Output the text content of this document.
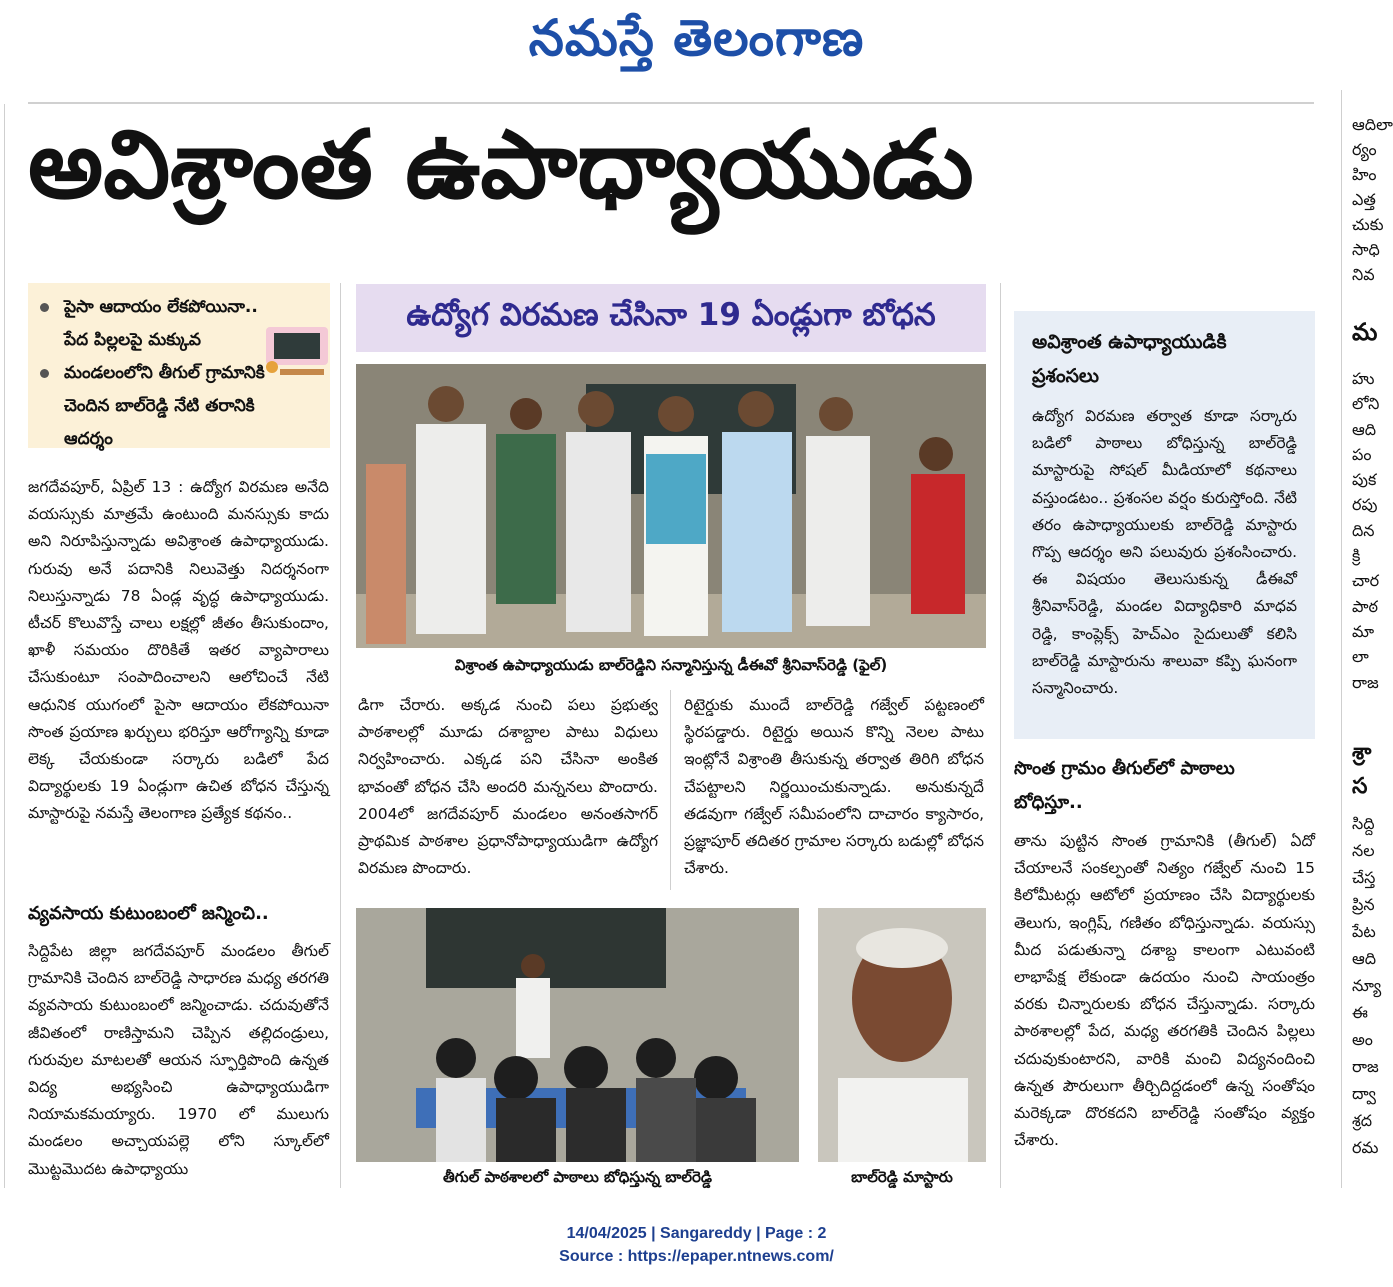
నమస్తే తెలంగాణ
అవిశ్రాంత ఉపాధ్యాయుడు
పైసా ఆదాయం లేకపోయినా.. పేద పిల్లలపై మక్కువ
మండలంలోని తీగుల్ గ్రామానికి చెందిన బాల్‌రెడ్డి నేటి తరానికి ఆదర్శం
జగదేవపూర్, ఏప్రిల్ 13 : ఉద్యోగ విరమణ అనేది వయస్సుకు మాత్రమే ఉంటుంది మనస్సుకు కాదు అని నిరూపిస్తున్నాడు అవిశ్రాంత ఉపాధ్యాయుడు. గురువు అనే పదానికి నిలువెత్తు నిదర్శనంగా నిలుస్తున్నాడు 78 ఏండ్ల వృద్ధ ఉపాధ్యాయుడు. టీచర్ కొలువొస్తే చాలు లక్షల్లో జీతం తీసుకుందాం, ఖాళీ సమయం దొరికితే ఇతర వ్యాపారాలు చేసుకుంటూ సంపాదించాలని ఆలోచించే నేటి ఆధునిక యుగంలో పైసా ఆదాయం లేకపోయినా సొంత ప్రయాణ ఖర్చులు భరిస్తూ ఆరోగ్యాన్ని కూడా లెక్క చేయకుండా సర్కారు బడిలో పేద విద్యార్థులకు 19 ఏండ్లుగా ఉచిత బోధన చేస్తున్న మాస్టారుపై నమస్తే తెలంగాణ ప్రత్యేక కథనం..
వ్యవసాయ కుటుంబంలో జన్మించి..
సిద్దిపేట జిల్లా జగదేవపూర్ మండలం తీగుల్ గ్రామానికి చెందిన బాల్‌రెడ్డి సాధారణ మధ్య తరగతి వ్యవసాయ కుటుంబంలో జన్మించాడు. చదువుతోనే జీవితంలో రాణిస్తామని చెప్పిన తల్లిదండ్రులు, గురువుల మాటలతో ఆయన స్ఫూర్తిపొంది ఉన్నత విద్య అభ్యసించి ఉపాధ్యాయుడిగా నియామకమయ్యారు. 1970 లో ములుగు మండలం అచ్చాయపల్లె లోని స్కూల్‌లో మొట్టమొదట ఉపాధ్యాయు
ఉద్యోగ విరమణ చేసినా 19 ఏండ్లుగా బోధన
విశ్రాంత ఉపాధ్యాయుడు బాల్‌రెడ్డిని సన్మానిస్తున్న డీఈవో శ్రీనివాస్‌రెడ్డి (ఫైల్)
డిగా చేరారు. అక్కడ నుంచి పలు ప్రభుత్వ పాఠశాలల్లో మూడు దశాబ్దాల పాటు విధులు నిర్వహించారు. ఎక్కడ పని చేసినా అంకిత భావంతో బోధన చేసి అందరి మన్ననలు పొందారు. 2004లో జగదేవపూర్ మండలం అనంతసాగర్ ప్రాథమిక పాఠశాల ప్రధానోపాధ్యాయుడిగా ఉద్యోగ విరమణ పొందారు.
రిటైర్డుకు ముందే బాల్‌రెడ్డి గజ్వేల్ పట్టణంలో స్థిరపడ్డారు. రిటైర్డు అయిన కొన్ని నెలల పాటు ఇంట్లోనే విశ్రాంతి తీసుకున్న తర్వాత తిరిగి బోధన చేపట్టాలని నిర్ణయించుకున్నాడు. అనుకున్నదే తడవుగా గజ్వేల్ సమీపంలోని దాచారం క్యాసారం, ప్రజ్ఞాపూర్ తదితర గ్రామాల సర్కారు బడుల్లో బోధన చేశారు.
తీగుల్ పాఠశాలలో పాఠాలు బోధిస్తున్న బాల్‌రెడ్డి	బాల్‌రెడ్డి మాస్టారు
అవిశ్రాంత ఉపాధ్యాయుడికి ప్రశంసలు
ఉద్యోగ విరమణ తర్వాత కూడా సర్కారు బడిలో పాఠాలు బోధిస్తున్న బాల్‌రెడ్డి మాస్టారుపై సోషల్ మీడియాలో కథనాలు వస్తుండటం.. ప్రశంసల వర్షం కురుస్తోంది. నేటి తరం ఉపాధ్యాయులకు బాల్‌రెడ్డి మాస్టారు గొప్ప ఆదర్శం అని పలువురు ప్రశంసించారు. ఈ విషయం తెలుసుకున్న డీఈవో శ్రీనివాస్‌రెడ్డి, మండల విద్యాధికారి మాధవ రెడ్డి, కాంప్లెక్స్ హెచ్ఎం సైదులుతో కలిసి బాల్‌రెడ్డి మాస్టారును శాలువా కప్పి ఘనంగా సన్మానించారు.
సొంత గ్రామం తీగుల్‌లో పాఠాలు బోధిస్తూ..
తాను పుట్టిన సొంత గ్రామానికి (తీగుల్) ఏదో చేయాలనే సంకల్పంతో నిత్యం గజ్వేల్ నుంచి 15 కిలోమీటర్లు ఆటోలో ప్రయాణం చేసి విద్యార్థులకు తెలుగు, ఇంగ్లిష్, గణితం బోధిస్తున్నాడు. వయస్సు మీద పడుతున్నా దశాబ్ద కాలంగా ఎటువంటి లాభాపేక్ష లేకుండా ఉదయం నుంచి సాయంత్రం వరకు చిన్నారులకు బోధన చేస్తున్నాడు. సర్కారు పాఠశాలల్లో పేద, మధ్య తరగతికి చెందిన పిల్లలు చదువుకుంటారని, వారికి మంచి విద్యనందించి ఉన్నత పౌరులుగా తీర్చిదిద్దడంలో ఉన్న సంతోషం మరెక్కడా దొరకదని బాల్‌రెడ్డి సంతోషం వ్యక్తం చేశారు.
ఆదిలా
ర్యం
హిం
ఎత్త
చుకు
సాధి
నివ
మ
హు
లోని
ఆది
పం
పుక
రపు
దిన
క్రి
చార
పాఠ
మా
లా
రాజ
శ్రా
స
సిద్ది
నల
చేస్త
ప్రిన
పేట
ఆది
న్యూ
ఈ
అం
రాజ
ద్వా
శ్రద
రమ
14/04/2025 | Sangareddy | Page : 2
Source : https://epaper.ntnews.com/
